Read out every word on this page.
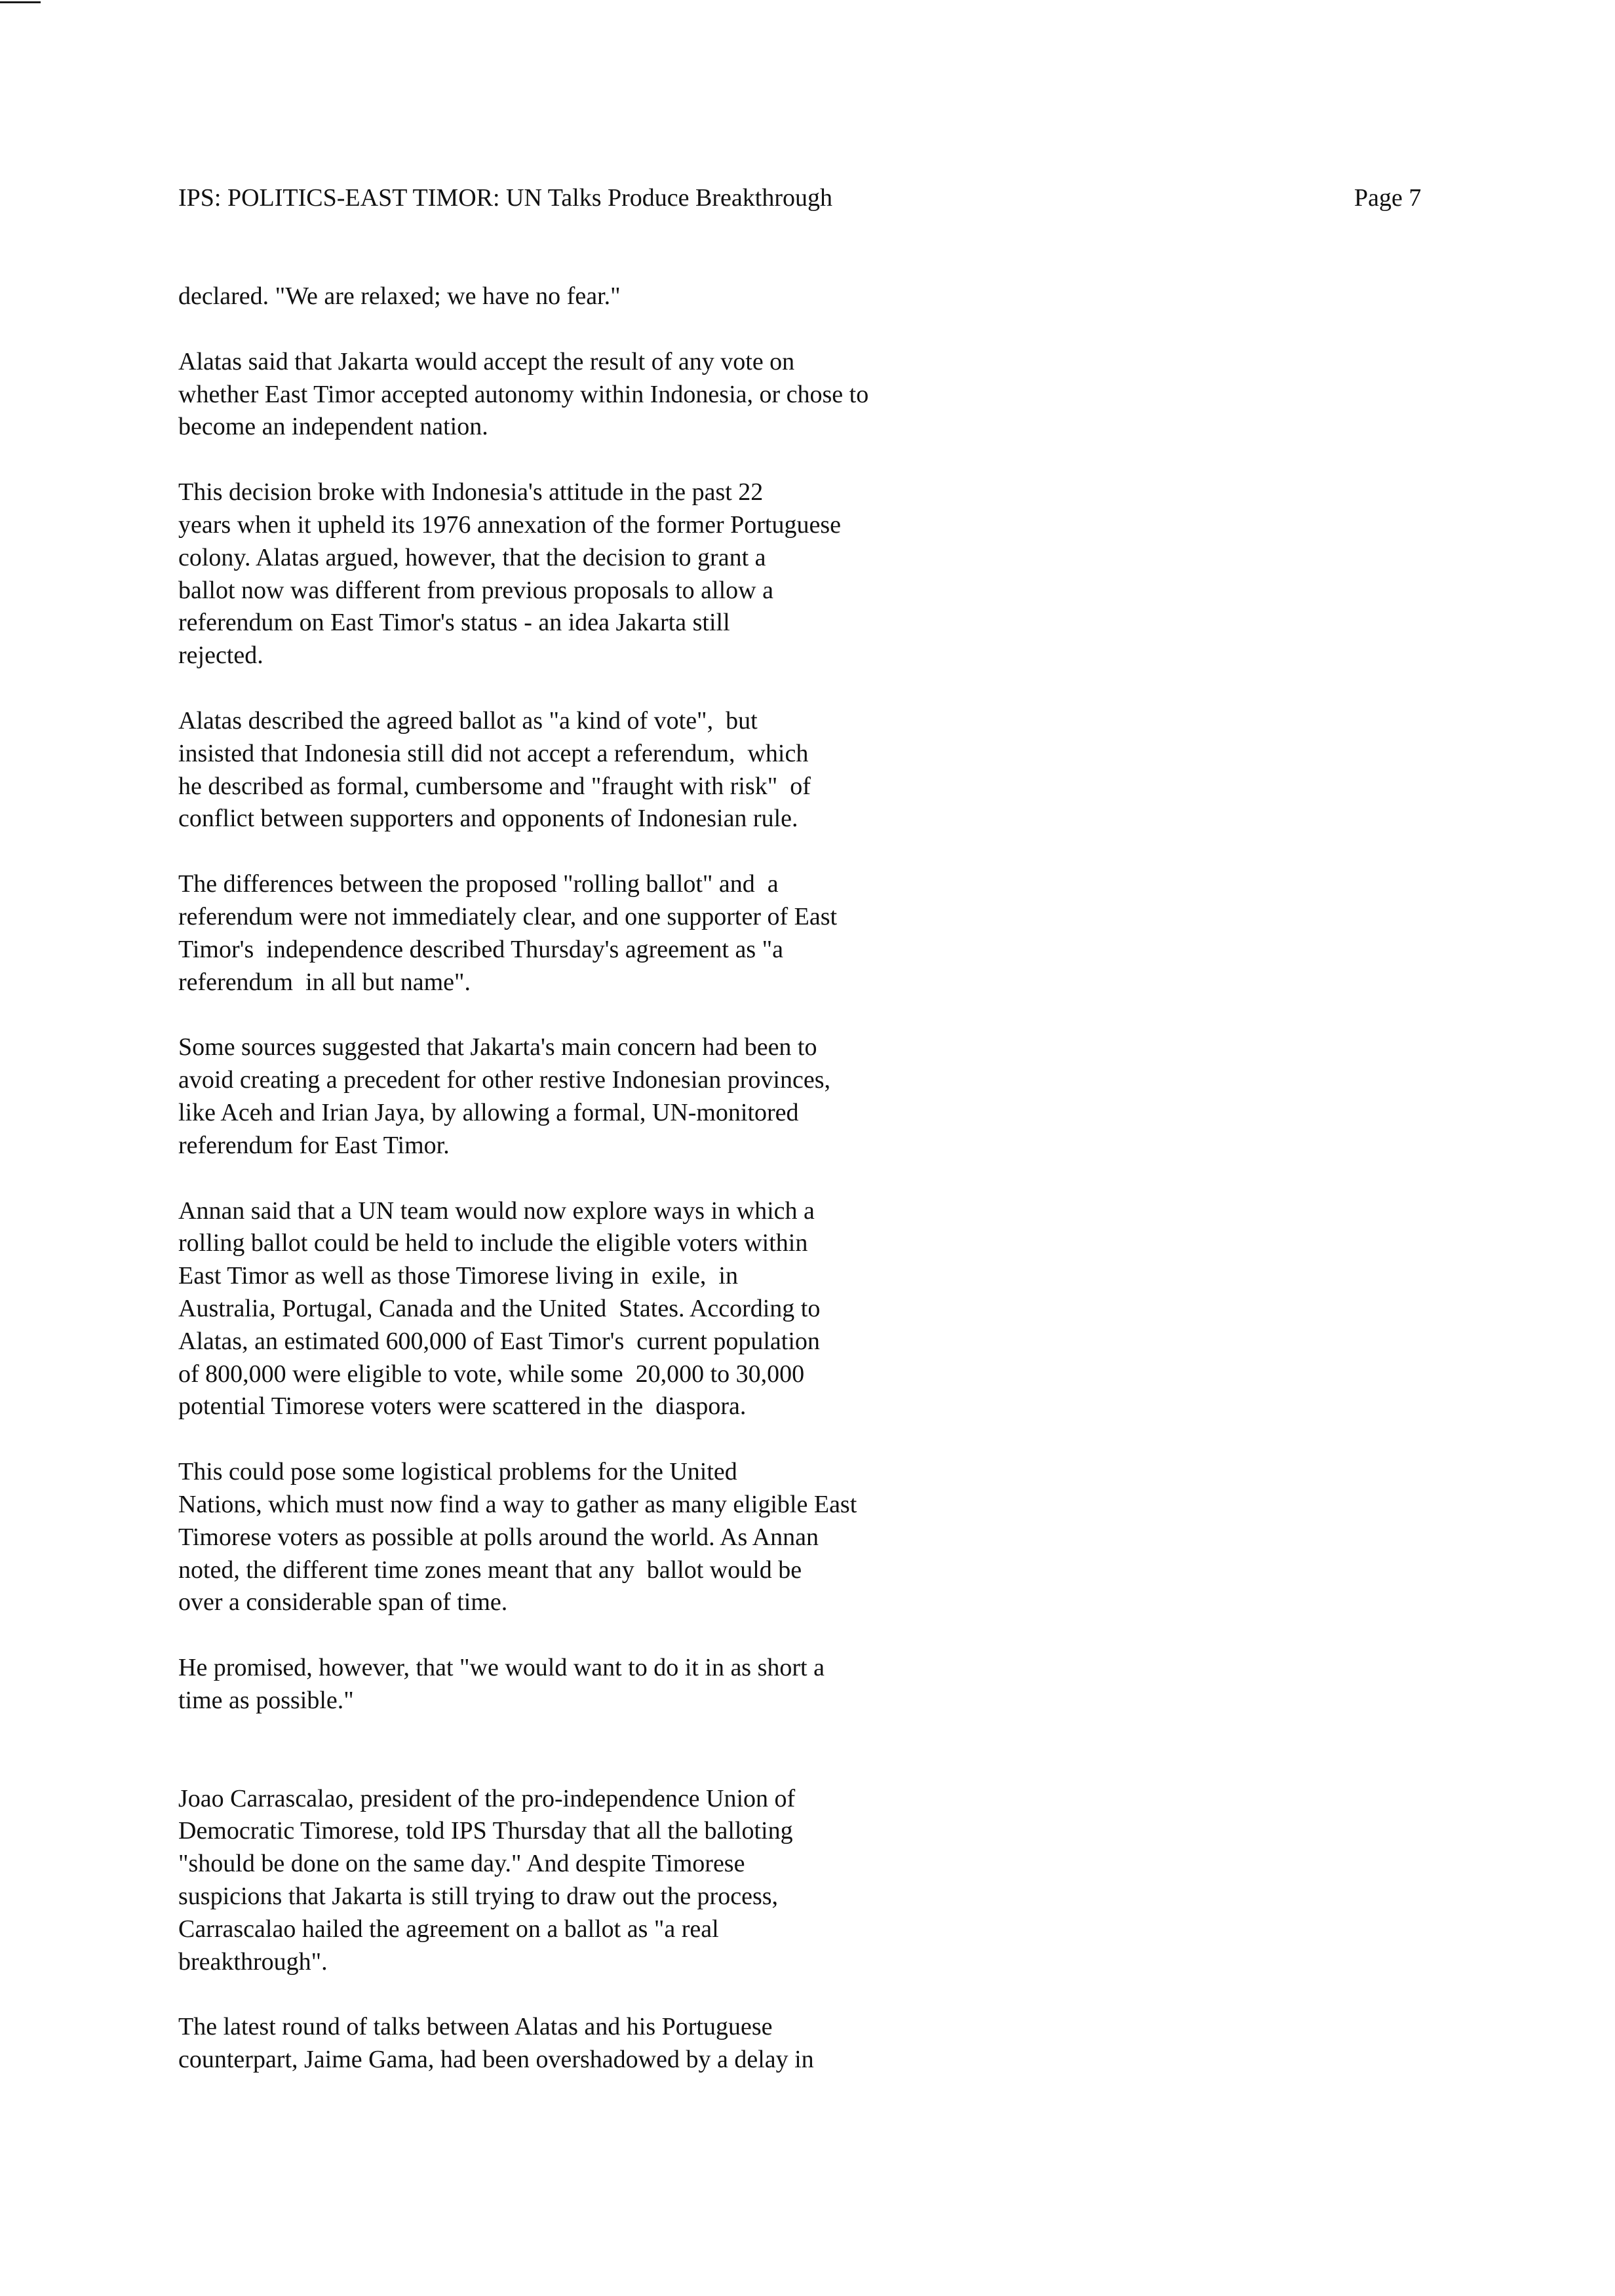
IPS: POLITICS-EAST TIMOR: UN Talks Produce Breakthrough	Page 7

declared. "We are relaxed; we have no fear."

Alatas said that Jakarta would accept the result of any vote on
whether East Timor accepted autonomy within Indonesia, or chose to
become an independent nation.

This decision broke with Indonesia's attitude in the past 22
years when it upheld its 1976 annexation of the former Portuguese
colony. Alatas argued, however, that the decision to grant a
ballot now was different from previous proposals to allow a
referendum on East Timor's status - an idea Jakarta still
rejected.

Alatas described the agreed ballot as "a kind of vote",  but
insisted that Indonesia still did not accept a referendum,  which
he described as formal, cumbersome and "fraught with risk"  of
conflict between supporters and opponents of Indonesian rule.

The differences between the proposed "rolling ballot" and  a
referendum were not immediately clear, and one supporter of East
Timor's  independence described Thursday's agreement as "a
referendum  in all but name".

Some sources suggested that Jakarta's main concern had been to
avoid creating a precedent for other restive Indonesian provinces,
like Aceh and Irian Jaya, by allowing a formal, UN-monitored
referendum for East Timor.

Annan said that a UN team would now explore ways in which a
rolling ballot could be held to include the eligible voters within
East Timor as well as those Timorese living in  exile,  in
Australia, Portugal, Canada and the United  States. According to
Alatas, an estimated 600,000 of East Timor's  current population
of 800,000 were eligible to vote, while some  20,000 to 30,000
potential Timorese voters were scattered in the  diaspora.

This could pose some logistical problems for the United
Nations, which must now find a way to gather as many eligible East
Timorese voters as possible at polls around the world. As Annan
noted, the different time zones meant that any  ballot would be
over a considerable span of time.

He promised, however, that "we would want to do it in as short a
time as possible."

Joao Carrascalao, president of the pro-independence Union of
Democratic Timorese, told IPS Thursday that all the balloting
"should be done on the same day." And despite Timorese
suspicions that Jakarta is still trying to draw out the process,
Carrascalao hailed the agreement on a ballot as "a real
breakthrough".

The latest round of talks between Alatas and his Portuguese
counterpart, Jaime Gama, had been overshadowed by a delay in
